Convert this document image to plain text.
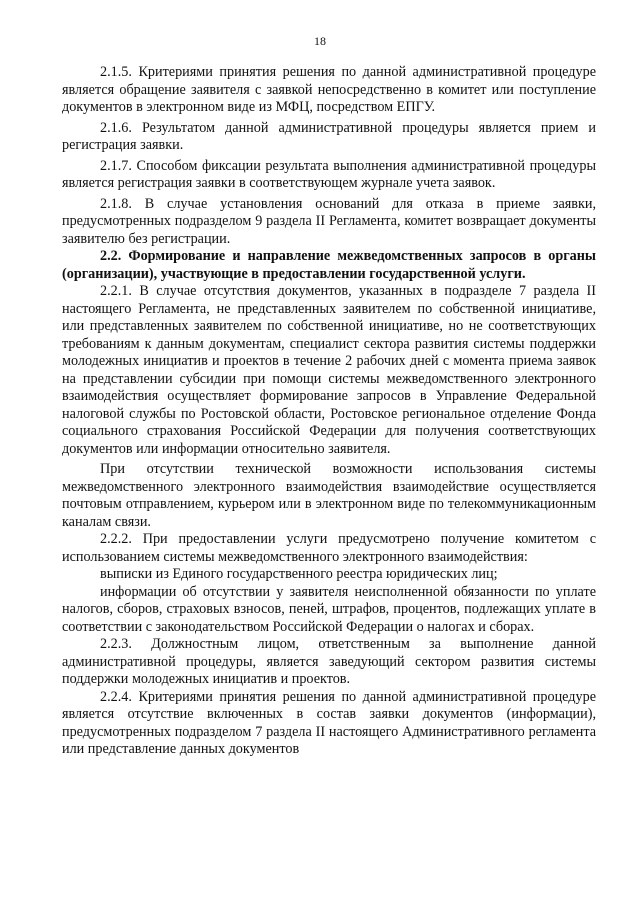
18

2.1.5. Критериями принятия решения по данной административной процедуре является обращение заявителя с заявкой непосредственно в комитет или поступление документов в электронном виде из МФЦ, посредством ЕПГУ.

2.1.6. Результатом данной административной процедуры является прием и регистрация заявки.

2.1.7. Способом фиксации результата выполнения административной процедуры является регистрация заявки в соответствующем журнале учета заявок.

2.1.8. В случае установления оснований для отказа в приеме заявки, предусмотренных подразделом 9 раздела II Регламента, комитет возвращает документы заявителю без регистрации.

2.2. Формирование и направление межведомственных запросов в органы (организации), участвующие в предоставлении государственной услуги.

2.2.1. В случае отсутствия документов, указанных в подразделе 7 раздела II настоящего Регламента, не представленных заявителем по собственной инициативе, или представленных заявителем по собственной инициативе, но не соответствующих требованиям к данным документам, специалист сектора развития системы поддержки молодежных инициатив и проектов в течение 2 рабочих дней с момента приема заявок на представлении субсидии при помощи системы межведомственного электронного взаимодействия осуществляет формирование запросов в Управление Федеральной налоговой службы по Ростовской области, Ростовское региональное отделение Фонда социального страхования Российской Федерации для получения соответствующих документов или информации относительно заявителя.

При отсутствии технической возможности использования системы межведомственного электронного взаимодействия взаимодействие осуществляется почтовым отправлением, курьером или в электронном виде по телекоммуникационным каналам связи.

2.2.2. При предоставлении услуги предусмотрено получение комитетом с использованием системы межведомственного электронного взаимодействия:

выписки из Единого государственного реестра юридических лиц;

информации об отсутствии у заявителя неисполненной обязанности по уплате налогов, сборов, страховых взносов, пеней, штрафов, процентов, подлежащих уплате в соответствии с законодательством Российской Федерации о налогах и сборах.

2.2.3. Должностным лицом, ответственным за выполнение данной административной процедуры, является заведующий сектором развития системы поддержки молодежных инициатив и проектов.

2.2.4. Критериями принятия решения по данной административной процедуре является отсутствие включенных в состав заявки документов (информации), предусмотренных подразделом 7 раздела II настоящего Административного регламента или представление данных документов
